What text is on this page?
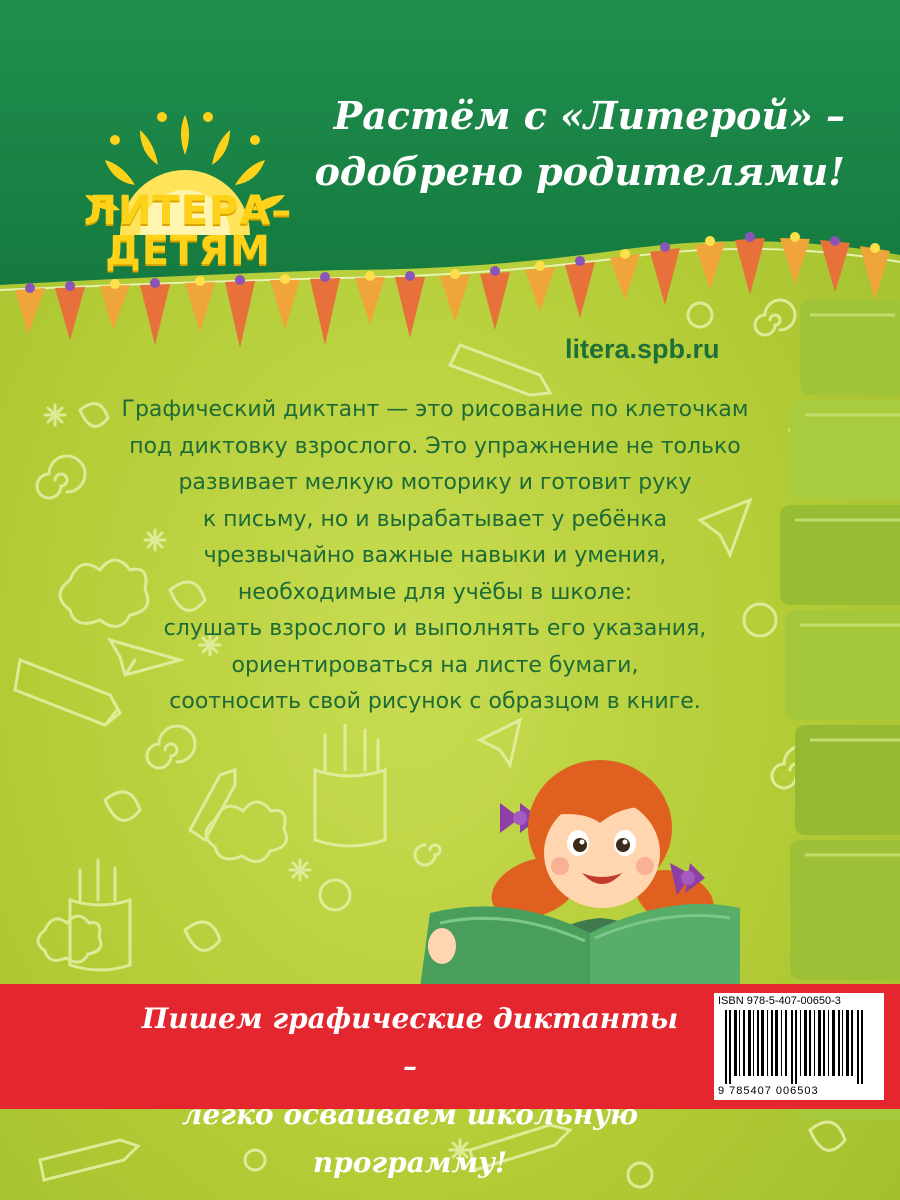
ЛИТЕРА–
ДЕТЯМ
Растём с «Литерой» –
одобрено родителями!
litera.spb.ru
Графический диктант — это рисование по клеточкам
под диктовку взрослого. Это упражнение не только
развивает мелкую моторику и готовит руку
к письму, но и вырабатывает у ребёнка
чрезвычайно важные навыки и умения,
необходимые для учёбы в школе:
слушать взрослого и выполнять его указания,
ориентироваться на листе бумаги,
соотносить свой рисунок с образцом в книге.
Пишем графические диктанты –
легко осваиваем школьную программу!
ISBN 978-5-407-00650-3
9 785407 006503
